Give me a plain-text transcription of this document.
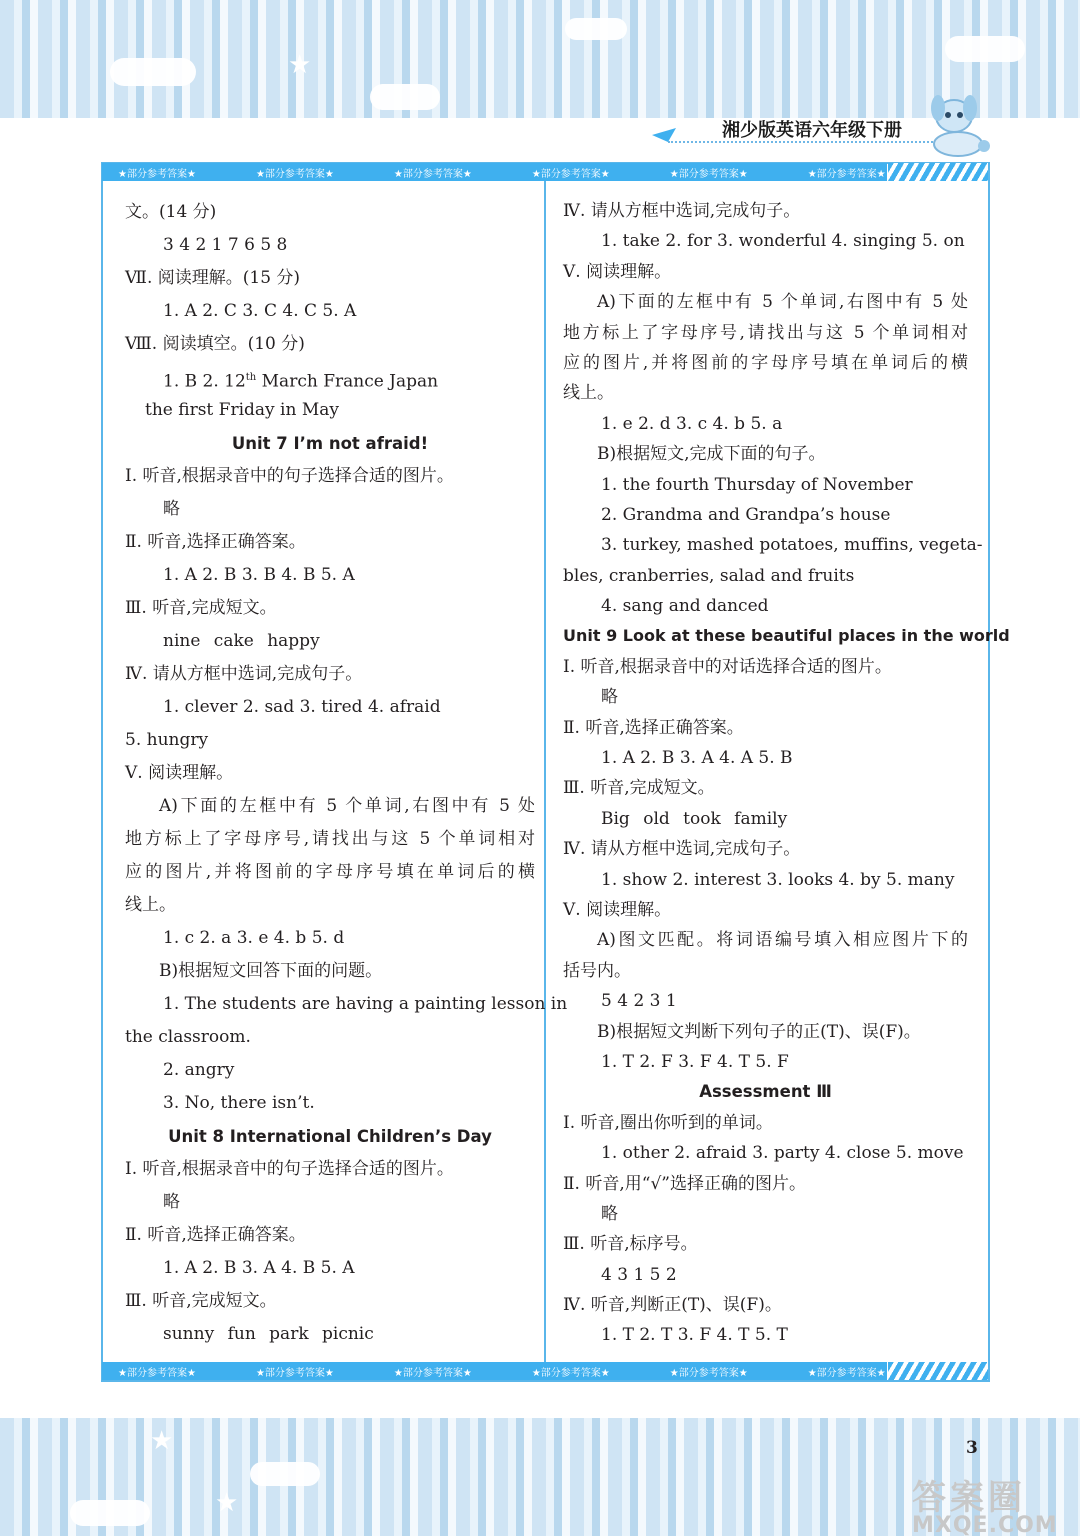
★
★
★
湘少版英语六年级下册
★部分参考答案★	★部分参考答案★	★部分参考答案★	★部分参考答案★	★部分参考答案★	★部分参考答案★
★部分参考答案★	★部分参考答案★	★部分参考答案★	★部分参考答案★	★部分参考答案★	★部分参考答案★
文。(14 分)
3 4 2 1 7 6 5 8
Ⅶ. 阅读理解。(15 分)
1. A 2. C 3. C 4. C 5. A
Ⅷ. 阅读填空。(10 分)
1. B 2. 12th March France Japan
the first Friday in May
Unit 7 I’m not afraid!
Ⅰ. 听音,根据录音中的句子选择合适的图片。
略
Ⅱ. 听音,选择正确答案。
1. A 2. B 3. B 4. B 5. A
Ⅲ. 听音,完成短文。
nine cake happy
Ⅳ. 请从方框中选词,完成句子。
1. clever 2. sad 3. tired 4. afraid
5. hungry
Ⅴ. 阅读理解。
A)下面的左框中有 5 个单词,右图中有 5 处
地方标上了字母序号,请找出与这 5 个单词相对
应的图片,并将图前的字母序号填在单词后的横
线上。
1. c 2. a 3. e 4. b 5. d
B)根据短文回答下面的问题。
1. The students are having a painting lesson in
the classroom.
2. angry
3. No, there isn’t.
Unit 8 International Children’s Day
Ⅰ. 听音,根据录音中的句子选择合适的图片。
略
Ⅱ. 听音,选择正确答案。
1. A 2. B 3. A 4. B 5. A
Ⅲ. 听音,完成短文。
sunny fun park picnic
Ⅳ. 请从方框中选词,完成句子。
1. take 2. for 3. wonderful 4. singing 5. on
Ⅴ. 阅读理解。
A)下面的左框中有 5 个单词,右图中有 5 处
地方标上了字母序号,请找出与这 5 个单词相对
应的图片,并将图前的字母序号填在单词后的横
线上。
1. e 2. d 3. c 4. b 5. a
B)根据短文,完成下面的句子。
1. the fourth Thursday of November
2. Grandma and Grandpa’s house
3. turkey, mashed potatoes, muffins, vegeta-
bles, cranberries, salad and fruits
4. sang and danced
Unit 9 Look at these beautiful places in the world
Ⅰ. 听音,根据录音中的对话选择合适的图片。
略
Ⅱ. 听音,选择正确答案。
1. A 2. B 3. A 4. A 5. B
Ⅲ. 听音,完成短文。
Big old took family
Ⅳ. 请从方框中选词,完成句子。
1. show 2. interest 3. looks 4. by 5. many
Ⅴ. 阅读理解。
A)图文匹配。将词语编号填入相应图片下的
括号内。
5 4 2 3 1
B)根据短文判断下列句子的正(T)、误(F)。
1. T 2. F 3. F 4. T 5. F
Assessment Ⅲ
Ⅰ. 听音,圈出你听到的单词。
1. other 2. afraid 3. party 4. close 5. move
Ⅱ. 听音,用“√”选择正确的图片。
略
Ⅲ. 听音,标序号。
4 3 1 5 2
Ⅳ. 听音,判断正(T)、误(F)。
1. T 2. T 3. F 4. T 5. T
3
答案圈
MXQE.COM
